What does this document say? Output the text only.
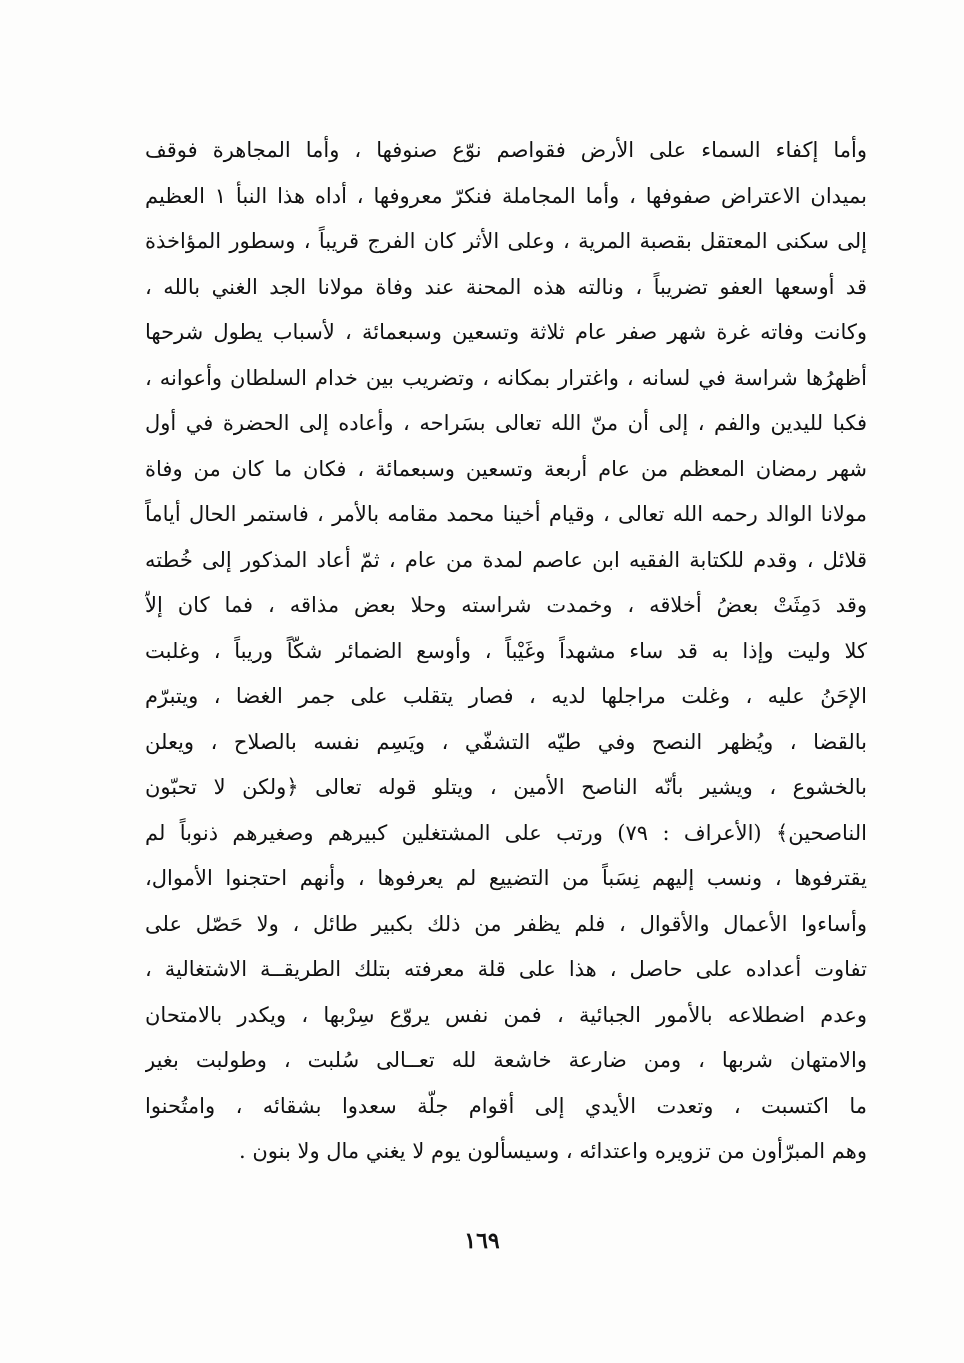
وأما إكفاء السماء على الأرض فقواصم نوّع صنوفها ، وأما المجاهرة فوقف
بميدان الاعتراض صفوفها ، وأما المجاملة فنكرّ معروفها ، أداه هذا النبأ ١ العظيم
إلى سكنى المعتقل بقصبة المرية ، وعلى الأثر كان الفرج قريباً ، وسطور المؤاخذة
قد أوسعها العفو تضريباً ، ونالته هذه المحنة عند وفاة مولانا الجد الغني بالله ،
وكانت وفاته غرة شهر صفر عام ثلاثة وتسعين وسبعمائة ، لأسباب يطول شرحها
أظهرُها شراسة في لسانه ، واغترار بمكانه ، وتضريب بين خدام السلطان وأعوانه ،
فكبا لليدين والفم ، إلى أن منّ الله تعالى بسَراحه ، وأعاده إلى الحضرة في أول
شهر رمضان المعظم من عام أربعة وتسعين وسبعمائة ، فكان ما كان من وفاة
مولانا الوالد رحمه الله تعالى ، وقيام أخينا محمد مقامه بالأمر ، فاستمر الحال أياماً
قلائل ، وقدم للكتابة الفقيه ابن عاصم لمدة من عام ، ثمّ أعاد المذكور إلى خُطته
وقد دَمِثَتْ بعضُ أخلاقه ، وخمدت شراسته وحلا بعض مذاقه ، فما كان إلاّ
كلا وليت وإذا به قد ساء مشهداً وغَيْباً ، وأوسع الضمائر شكّاً وريباً ، وغلبت
الإحَنُ عليه ، وغلت مراجلها لديه ، فصار يتقلب على جمر الغضا ، ويتبرّم
بالقضا ، ويُظهر النصح وفي طيّه التشفّي ، ويَسِم نفسه بالصلاح ، ويعلن
بالخشوع ، ويشير بأنّه الناصح الأمين ، ويتلو قوله تعالى ﴿ولكن لا تحبّون
الناصحين﴾ (الأعراف : ٧٩) ورتب على المشتغلين كبيرهم وصغيرهم ذنوباً لم
يقترفوها ، ونسب إليهم نِسَباً من التضييع لم يعرفوها ، وأنهم احتجنوا الأموال،
وأساءوا الأعمال والأقوال ، فلم يظفر من ذلك بكبير طائل ، ولا حَصّل على
تفاوت أعداده على حاصل ، هذا على قلة معرفته بتلك الطريقــة الاشتغالية ،
وعدم اضطلاعه بالأمور الجبائية ، فمن نفس يروّع سِرْبها ، ويكدر بالامتحان
والامتهان شربها ، ومن ضارعة خاشعة لله تعــالى سُلبت ، وطولبت بغير
ما اكتسبت ، وتعدت الأيدي إلى أقوام جلّة سعدوا بشقائه ، وامتُحنوا
وهم المبرّأون من تزويره واعتدائه ، وسيسألون يوم لا يغني مال ولا بنون .
١٦٩
